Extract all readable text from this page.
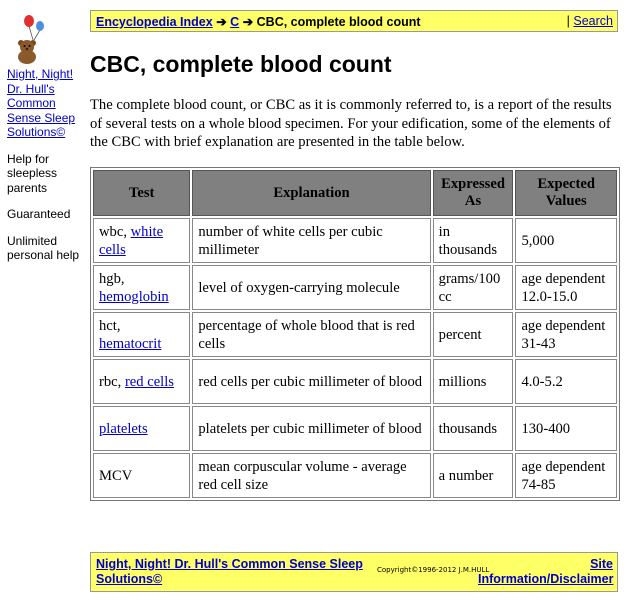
Night, Night! Dr. Hull's Common Sense Sleep Solutions©
Help for sleepless parents
Guaranteed
Unlimited personal help
Encyclopedia Index ➔ C ➔ CBC, complete blood count	| Search
CBC, complete blood count

The complete blood count, or CBC as it is commonly referred to, is a report of the results of several tests on a whole blood specimen. For your edification, some of the elements of the CBC with brief explanation are presented in the table below.

Test	Explanation	Expressed As	Expected Values
wbc, white cells	number of white cells per cubic millimeter	in thousands	5,000
hgb, hemoglobin	level of oxygen-carrying molecule	grams/100 cc	age dependent 12.0-15.0
hct, hematocrit	percentage of whole blood that is red cells	percent	age dependent 31-43
rbc, red cells	red cells per cubic millimeter of blood	millions	4.0-5.2
platelets	platelets per cubic millimeter of blood	thousands	130-400
MCV	mean corpuscular volume - average red cell size	a number	age dependent 74-85
Night, Night! Dr. Hull's Common Sense Sleep Solutions©
Copyright©1996-2012 J.M.HULL	Site Information/Disclaimer
